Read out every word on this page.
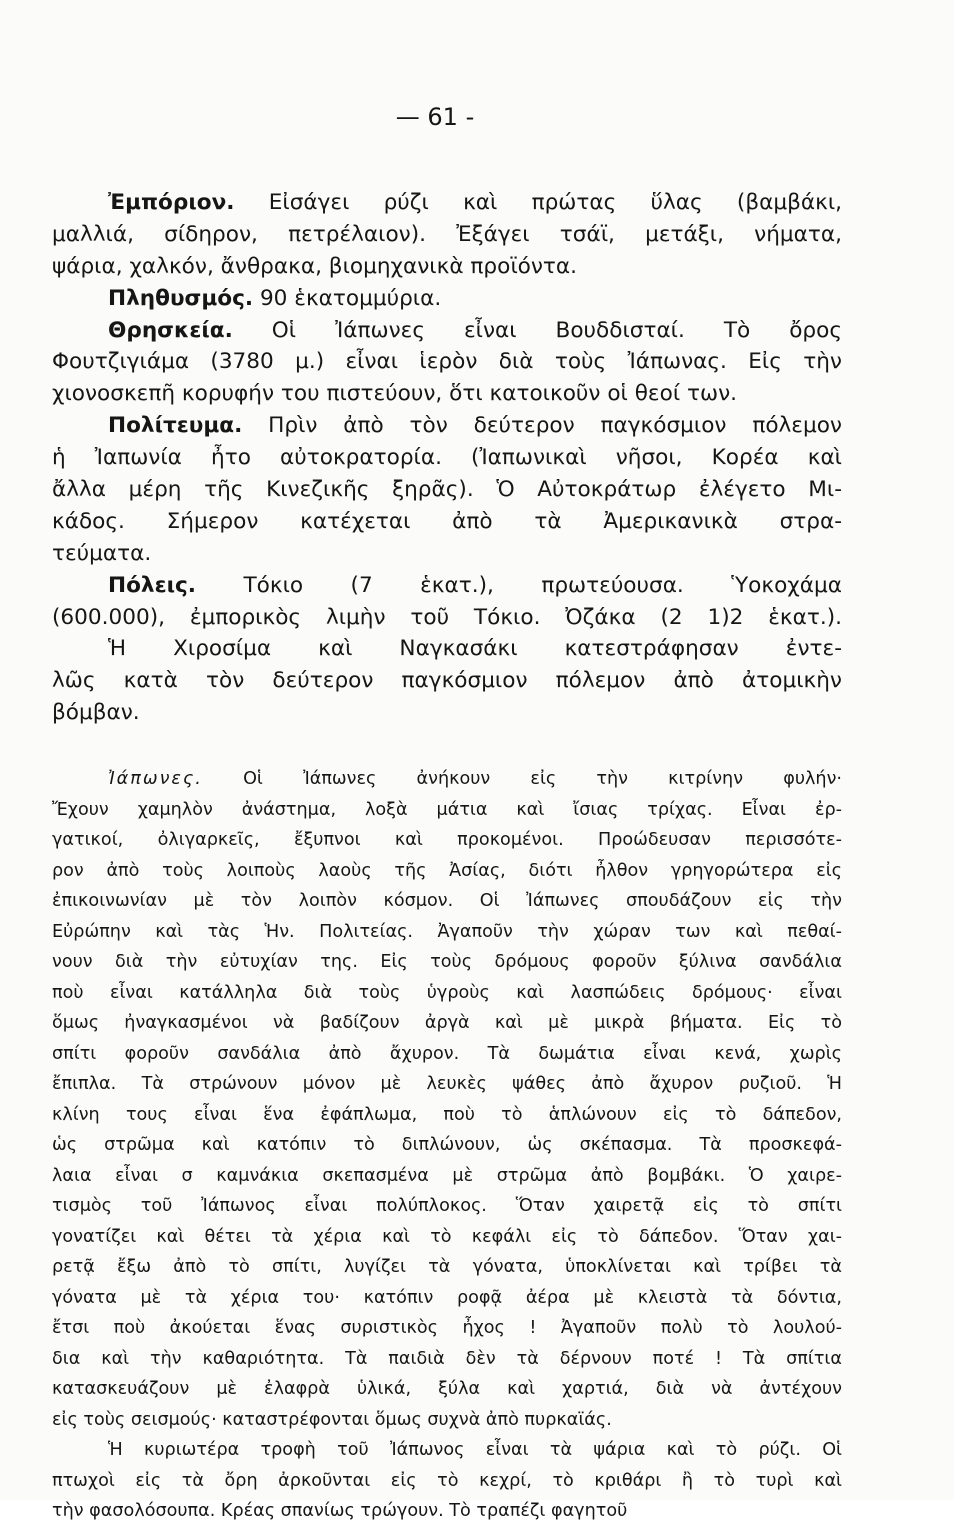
— 61 -
Ἐμπόριον. Εἰσάγει ρύζι καὶ πρώτας ὕλας (βαμβάκι,
μαλλιά, σίδηρον, πετρέλαιον). Ἐξάγει τσάϊ, μετάξι, νήματα,
ψάρια, χαλκόν, ἄνθρακα, βιομηχανικὰ προϊόντα.
Πληθυσμός. 90 ἑκατομμύρια.
Θρησκεία. Οἱ Ἰάπωνες εἶναι Βουδδισταί. Τὸ ὄρος
Φουτζιγιάμα (3780 μ.) εἶναι ἱερὸν διὰ τοὺς Ἰάπωνας. Εἰς τὴν
χιονοσκεπῆ κορυφήν του πιστεύουν, ὅτι κατοικοῦν οἱ θεοί των.
Πολίτευμα. Πρὶν ἀπὸ τὸν δεύτερον παγκόσμιον πόλεμον
ἡ Ἰαπωνία ἦτο αὐτοκρατορία. (Ἰαπωνικαὶ νῆσοι, Κορέα καὶ
ἄλλα μέρη τῆς Κινεζικῆς ξηρᾶς). Ὁ Αὐτοκράτωρ ἐλέγετο Μι-
κάδος. Σήμερον κατέχεται ἀπὸ τὰ Ἀμερικανικὰ στρα-
τεύματα.
Πόλεις. Τόκιο (7 ἑκατ.), πρωτεύουσα. Ὑοκοχάμα
(600.000), ἐμπορικὸς λιμὴν τοῦ Τόκιο. Ὀζάκα (2 1)2 ἑκατ.).
Ἡ Χιροσίμα καὶ Ναγκασάκι κατεστράφησαν ἐντε-
λῶς κατὰ τὸν δεύτερον παγκόσμιον πόλεμον ἀπὸ ἀτομικὴν
βόμβαν.
Ἰάπωνες. Οἱ Ἰάπωνες ἀνήκουν εἰς τὴν κιτρίνην φυλήν·
Ἔχουν χαμηλὸν ἀνάστημα, λοξὰ μάτια καὶ ἴσιας τρίχας. Εἶναι ἐρ-
γατικοί, ὀλιγαρκεῖς, ἔξυπνοι καὶ προκομένοι. Προώδευσαν περισσότε-
ρον ἀπὸ τοὺς λοιποὺς λαοὺς τῆς Ἀσίας, διότι ἦλθον γρηγορώτερα εἰς
ἐπικοινωνίαν μὲ τὸν λοιπὸν κόσμον. Οἱ Ἰάπωνες σπουδάζουν εἰς τὴν
Εὐρώπην καὶ τὰς Ἡν. Πολιτείας. Ἀγαποῦν τὴν χώραν των καὶ πεθαί-
νουν διὰ τὴν εὐτυχίαν της. Εἰς τοὺς δρόμους φοροῦν ξύλινα σανδάλια
ποὺ εἶναι κατάλληλα διὰ τοὺς ὑγροὺς καὶ λασπώδεις δρόμους· εἶναι
ὅμως ἠναγκασμένοι νὰ βαδίζουν ἀργὰ καὶ μὲ μικρὰ βήματα. Εἰς τὸ
σπίτι φοροῦν σανδάλια ἀπὸ ἄχυρον. Τὰ δωμάτια εἶναι κενά, χωρὶς
ἔπιπλα. Τὰ στρώνουν μόνον μὲ λευκὲς ψάθες ἀπὸ ἄχυρον ρυζιοῦ. Ἡ
κλίνη τους εἶναι ἕνα ἐφάπλωμα, ποὺ τὸ ἁπλώνουν εἰς τὸ δάπεδον,
ὡς στρῶμα καὶ κατόπιν τὸ διπλώνουν, ὡς σκέπασμα. Τὰ προσκεφά-
λαια εἶναι σ καμνάκια σκεπασμένα μὲ στρῶμα ἀπὸ βομβάκι. Ὁ χαιρε-
τισμὸς τοῦ Ἰάπωνος εἶναι πολύπλοκος. Ὅταν χαιρετᾷ εἰς τὸ σπίτι
γονατίζει καὶ θέτει τὰ χέρια καὶ τὸ κεφάλι εἰς τὸ δάπεδον. Ὅταν χαι-
ρετᾷ ἔξω ἀπὸ τὸ σπίτι, λυγίζει τὰ γόνατα, ὑποκλίνεται καὶ τρίβει τὰ
γόνατα μὲ τὰ χέρια του· κατόπιν ροφᾷ ἀέρα μὲ κλειστὰ τὰ δόντια,
ἔτσι ποὺ ἀκούεται ἕνας συριστικὸς ἦχος ! Ἀγαποῦν πολὺ τὸ λουλού-
δια καὶ τὴν καθαριότητα. Τὰ παιδιὰ δὲν τὰ δέρνουν ποτέ ! Τὰ σπίτια
κατασκευάζουν μὲ ἐλαφρὰ ὑλικά, ξύλα καὶ χαρτιά, διὰ νὰ ἀντέχουν
εἰς τοὺς σεισμούς· καταστρέφονται ὅμως συχνὰ ἀπὸ πυρκαϊάς.
Ἡ κυριωτέρα τροφὴ τοῦ Ἰάπωνος εἶναι τὰ ψάρια καὶ τὸ ρύζι. Οἱ
πτωχοὶ εἰς τὰ ὄρη ἀρκοῦνται εἰς τὸ κεχρί, τὸ κριθάρι ἢ τὸ τυρὶ καὶ
τὴν φασολόσουπα. Κρέας σπανίως τρώγουν. Τὸ τραπέζι φαγητοῦ
